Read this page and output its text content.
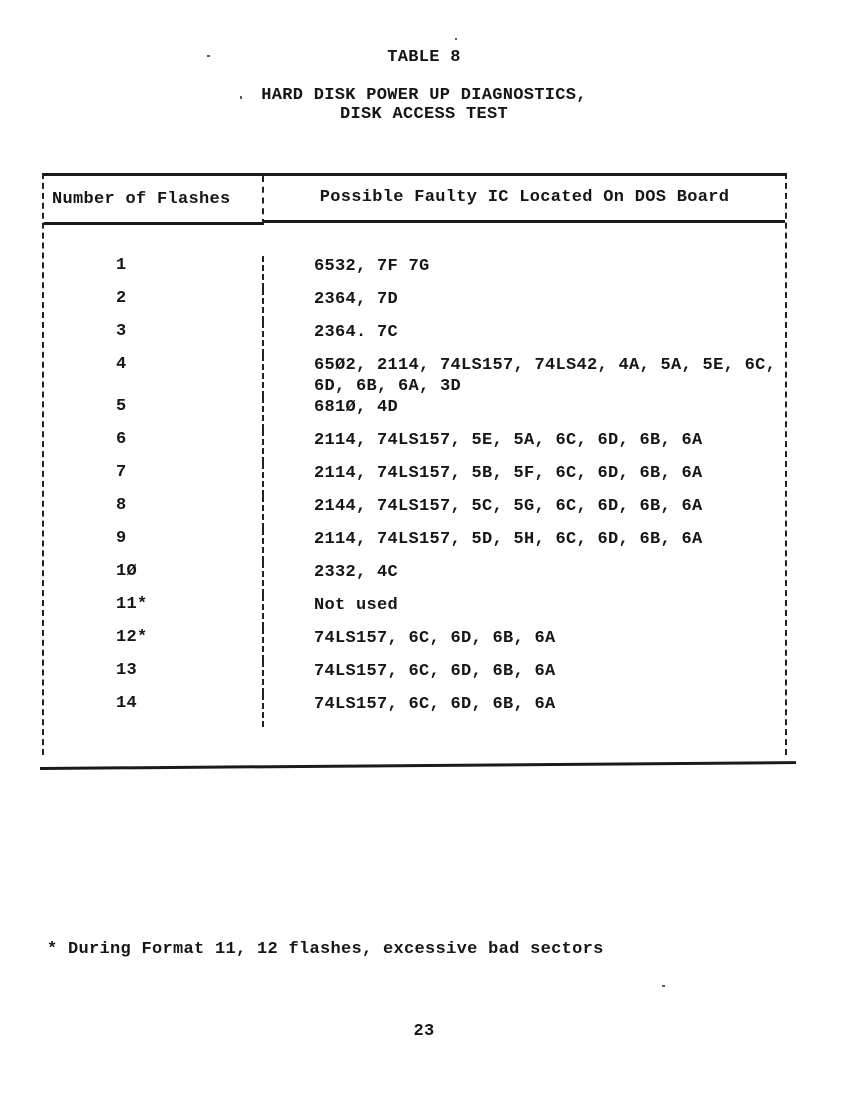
TABLE 8
HARD DISK POWER UP DIAGNOSTICS,
DISK ACCESS TEST
Number of Flashes	Possible Faulty IC Located On DOS Board
1	6532, 7F 7G
2	2364, 7D
3	2364. 7C
4	65Ø2, 2114, 74LS157, 74LS42, 4A, 5A, 5E, 6C, 6D, 6B, 6A, 3D
5	681Ø, 4D
6	2114, 74LS157, 5E, 5A, 6C, 6D, 6B, 6A
7	2114, 74LS157, 5B, 5F, 6C, 6D, 6B, 6A
8	2144, 74LS157, 5C, 5G, 6C, 6D, 6B, 6A
9	2114, 74LS157, 5D, 5H, 6C, 6D, 6B, 6A
1Ø	2332, 4C
11*	Not used
12*	74LS157, 6C, 6D, 6B, 6A
13	74LS157, 6C, 6D, 6B, 6A
14	74LS157, 6C, 6D, 6B, 6A
* During Format 11, 12 flashes, excessive bad sectors
23
